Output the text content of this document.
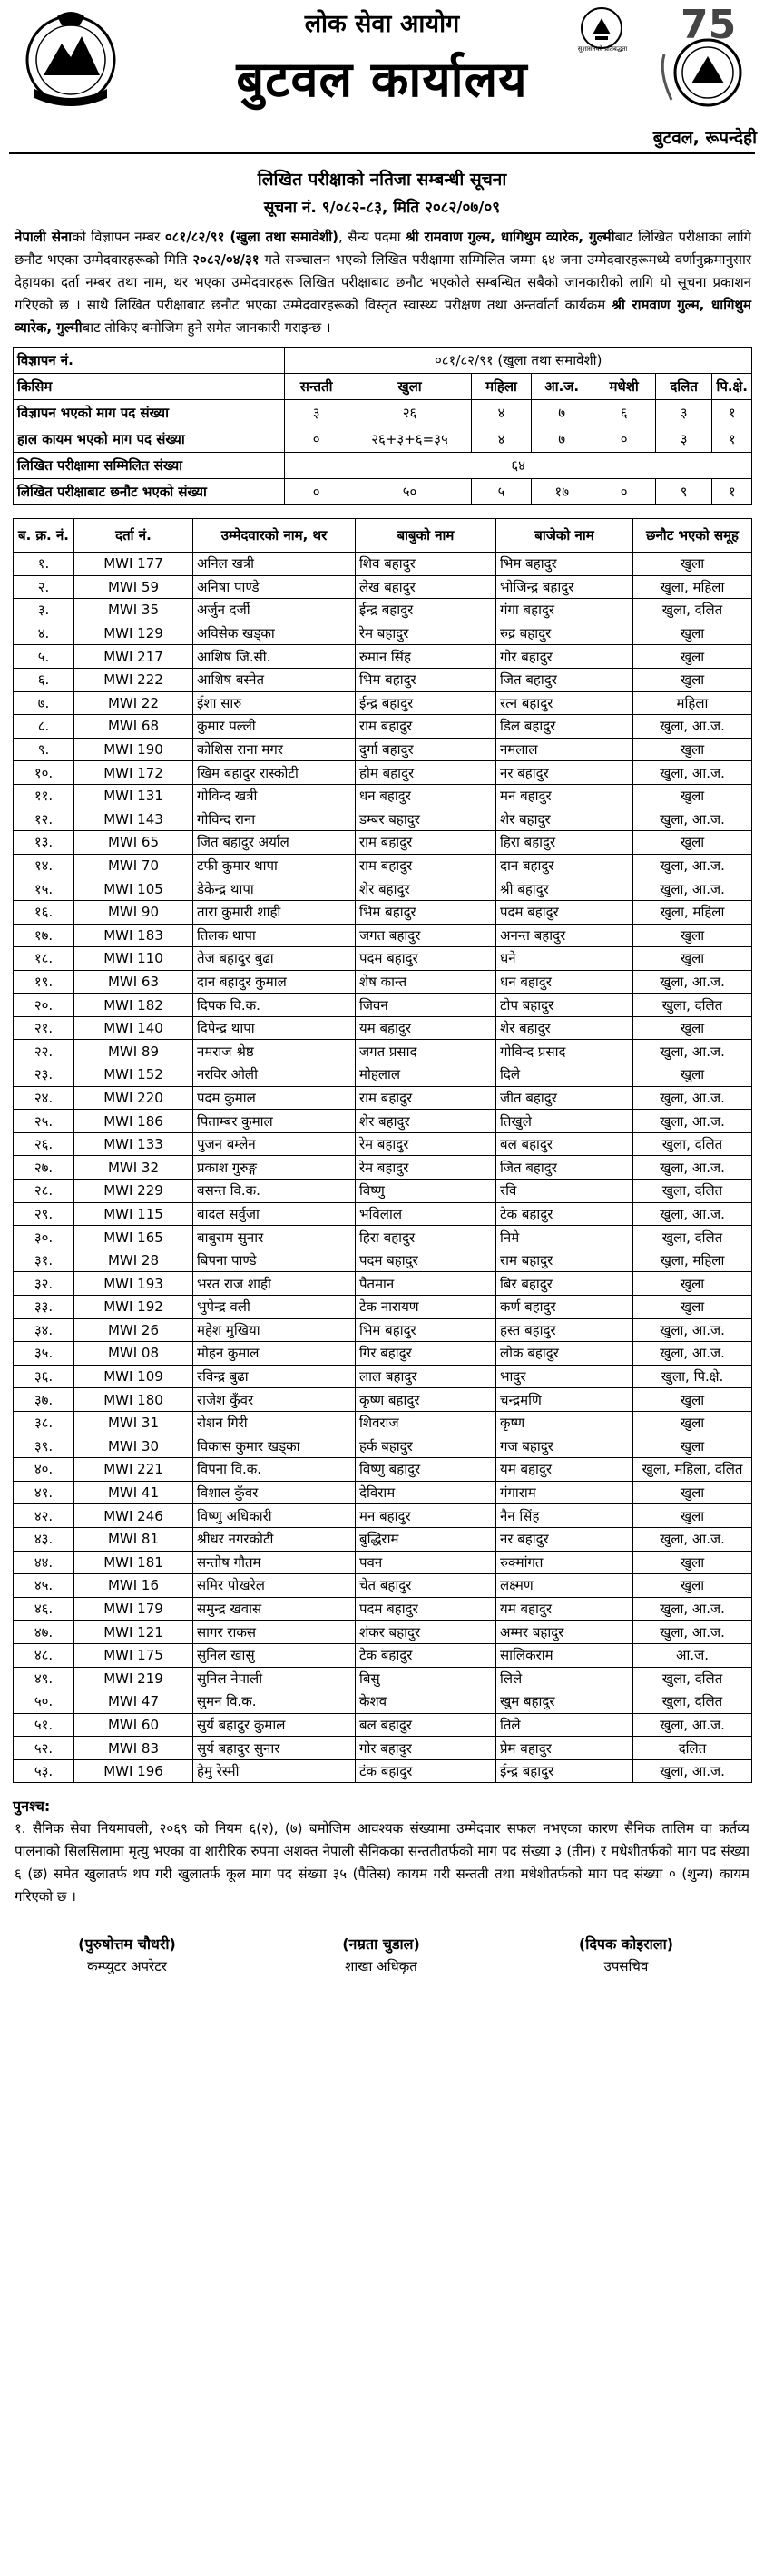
लोक सेवा आयोग
बुटवल कार्यालय
सुशासनको प्रतिबद्धता
75
बुटवल, रूपन्देही
लिखित परीक्षाको नतिजा सम्बन्धी सूचना
सूचना नं. ९/०८२-८३, मिति २०८२/०७/०९
नेपाली सेनाको विज्ञापन नम्बर ०८१/८२/९१ (खुला तथा समावेशी), सैन्य पदमा श्री रामवाण गुल्म, धागिथुम व्यारेक, गुल्मीबाट लिखित परीक्षाका लागि छनौट भएका उम्मेदवारहरूको मिति २०८२/०४/३१ गते सञ्चालन भएको लिखित परीक्षामा सम्मिलित जम्मा ६४ जना उम्मेदवारहरूमध्ये वर्णानुक्रमानुसार देहायका दर्ता नम्बर तथा नाम, थर भएका उम्मेदवारहरू लिखित परीक्षाबाट छनौट भएकोले सम्बन्धित सबैको जानकारीको लागि यो सूचना प्रकाशन गरिएको छ । साथै लिखित परीक्षाबाट छनौट भएका उम्मेदवारहरूको विस्तृत स्वास्थ्य परीक्षण तथा अन्तर्वार्ता कार्यक्रम श्री रामवाण गुल्म, धागिथुम व्यारेक, गुल्मीबाट तोकिए बमोजिम हुने समेत जानकारी गराइन्छ ।
विज्ञापन नं.	०८१/८२/९१ (खुला तथा समावेशी)						
किसिम	सन्तती	खुला	महिला	आ.ज.	मधेशी	दलित	पि.क्षे.
विज्ञापन भएको माग पद संख्या	३	२६	४	७	६	३	१
हाल कायम भएको माग पद संख्या	०	२६+३+६=३५	४	७	०	३	१
लिखित परीक्षामा सम्मिलित संख्या	६४						
लिखित परीक्षाबाट छनौट भएको संख्या	०	५०	५	१७	०	९	१
ब. क्र. नं.	दर्ता नं.	उम्मेदवारको नाम, थर	बाबुको नाम	बाजेको नाम	छनौट भएको समूह
१.	MWI 177	अनिल खत्री	शिव बहादुर	भिम बहादुर	खुला
२.	MWI 59	अनिषा पाण्डे	लेख बहादुर	भोजिन्द्र बहादुर	खुला, महिला
३.	MWI 35	अर्जुन दर्जी	ईन्द्र बहादुर	गंगा बहादुर	खुला, दलित
४.	MWI 129	अविसेक खड्का	रेम बहादुर	रुद्र बहादुर	खुला
५.	MWI 217	आशिष जि.सी.	रुमान सिंह	गोर बहादुर	खुला
६.	MWI 222	आशिष बस्नेत	भिम बहादुर	जित बहादुर	खुला
७.	MWI 22	ईशा सारु	ईन्द्र बहादुर	रत्न बहादुर	महिला
८.	MWI 68	कुमार पल्ली	राम बहादुर	डिल बहादुर	खुला, आ.ज.
९.	MWI 190	कोशिस राना मगर	दुर्गा बहादुर	नमलाल	खुला
१०.	MWI 172	खिम बहादुर रास्कोटी	होम बहादुर	नर बहादुर	खुला, आ.ज.
११.	MWI 131	गोविन्द खत्री	धन बहादुर	मन बहादुर	खुला
१२.	MWI 143	गोविन्द राना	डम्बर बहादुर	शेर बहादुर	खुला, आ.ज.
१३.	MWI 65	जित बहादुर अर्याल	राम बहादुर	हिरा बहादुर	खुला
१४.	MWI 70	टफी कुमार थापा	राम बहादुर	दान बहादुर	खुला, आ.ज.
१५.	MWI 105	डेकेन्द्र थापा	शेर बहादुर	श्री बहादुर	खुला, आ.ज.
१६.	MWI 90	तारा कुमारी शाही	भिम बहादुर	पदम बहादुर	खुला, महिला
१७.	MWI 183	तिलक थापा	जगत बहादुर	अनन्त बहादुर	खुला
१८.	MWI 110	तेज बहादुर बुढा	पदम बहादुर	धने	खुला
१९.	MWI 63	दान बहादुर कुमाल	शेष कान्त	धन बहादुर	खुला, आ.ज.
२०.	MWI 182	दिपक वि.क.	जिवन	टोप बहादुर	खुला, दलित
२१.	MWI 140	दिपेन्द्र थापा	यम बहादुर	शेर बहादुर	खुला
२२.	MWI 89	नमराज श्रेष्ठ	जगत प्रसाद	गोविन्द प्रसाद	खुला, आ.ज.
२३.	MWI 152	नरविर ओली	मोहलाल	दिले	खुला
२४.	MWI 220	पदम कुमाल	राम बहादुर	जीत बहादुर	खुला, आ.ज.
२५.	MWI 186	पिताम्बर कुमाल	शेर बहादुर	तिखुले	खुला, आ.ज.
२६.	MWI 133	पुजन बम्लेन	रेम बहादुर	बल बहादुर	खुला, दलित
२७.	MWI 32	प्रकाश गुरुङ्ग	रेम बहादुर	जित बहादुर	खुला, आ.ज.
२८.	MWI 229	बसन्त वि.क.	विष्णु	रवि	खुला, दलित
२९.	MWI 115	बादल सर्वुजा	भविलाल	टेक बहादुर	खुला, आ.ज.
३०.	MWI 165	बाबुराम सुनार	हिरा बहादुर	निमे	खुला, दलित
३१.	MWI 28	बिपना पाण्डे	पदम बहादुर	राम बहादुर	खुला, महिला
३२.	MWI 193	भरत राज शाही	पैतमान	बिर बहादुर	खुला
३३.	MWI 192	भुपेन्द्र वली	टेक नारायण	कर्ण बहादुर	खुला
३४.	MWI 26	महेश मुखिया	भिम बहादुर	हस्त बहादुर	खुला, आ.ज.
३५.	MWI 08	मोहन कुमाल	गिर बहादुर	लोक बहादुर	खुला, आ.ज.
३६.	MWI 109	रविन्द्र बुढा	लाल बहादुर	भादुर	खुला, पि.क्षे.
३७.	MWI 180	राजेश कुँवर	कृष्ण बहादुर	चन्द्रमणि	खुला
३८.	MWI 31	रोशन गिरी	शिवराज	कृष्ण	खुला
३९.	MWI 30	विकास कुमार खड्का	हर्क बहादुर	गज बहादुर	खुला
४०.	MWI 221	विपना वि.क.	विष्णु बहादुर	यम बहादुर	खुला, महिला, दलित
४१.	MWI 41	विशाल कुँवर	देविराम	गंगाराम	खुला
४२.	MWI 246	विष्णु अधिकारी	मन बहादुर	नैन सिंह	खुला
४३.	MWI 81	श्रीधर नगरकोटी	बुद्धिराम	नर बहादुर	खुला, आ.ज.
४४.	MWI 181	सन्तोष गौतम	पवन	रुक्मांगत	खुला
४५.	MWI 16	समिर पोखरेल	चेत बहादुर	लक्ष्मण	खुला
४६.	MWI 179	समुन्द्र खवास	पदम बहादुर	यम बहादुर	खुला, आ.ज.
४७.	MWI 121	सागर राकस	शंकर बहादुर	अम्मर बहादुर	खुला, आ.ज.
४८.	MWI 175	सुनिल खासु	टेक बहादुर	सालिकराम	आ.ज.
४९.	MWI 219	सुनिल नेपाली	बिसु	लिले	खुला, दलित
५०.	MWI 47	सुमन वि.क.	केशव	खुम बहादुर	खुला, दलित
५१.	MWI 60	सुर्य बहादुर कुमाल	बल बहादुर	तिले	खुला, आ.ज.
५२.	MWI 83	सुर्य बहादुर सुनार	गोर बहादुर	प्रेम बहादुर	दलित
५३.	MWI 196	हेमु रेस्मी	टंक बहादुर	ईन्द्र बहादुर	खुला, आ.ज.
पुनश्च:
१. सैनिक सेवा नियमावली, २०६९ को नियम ६(२), (७) बमोजिम आवश्यक संख्यामा उम्मेदवार सफल नभएका कारण सैनिक तालिम वा कर्तव्य पालनाको सिलसिलामा मृत्यु भएका वा शारीरिक रुपमा अशक्त नेपाली सैनिकका सन्ततीतर्फको माग पद संख्या ३ (तीन) र मधेशीतर्फको माग पद संख्या ६ (छ) समेत खुलातर्फ थप गरी खुलातर्फ कूल माग पद संख्या ३५ (पैतिस) कायम गरी सन्तती तथा मधेशीतर्फको माग पद संख्या ० (शुन्य) कायम गरिएको छ ।
(पुरुषोत्तम चौधरी)
कम्प्युटर अपरेटर
(नम्रता चुडाल)
शाखा अधिकृत
(दिपक कोइराला)
उपसचिव
